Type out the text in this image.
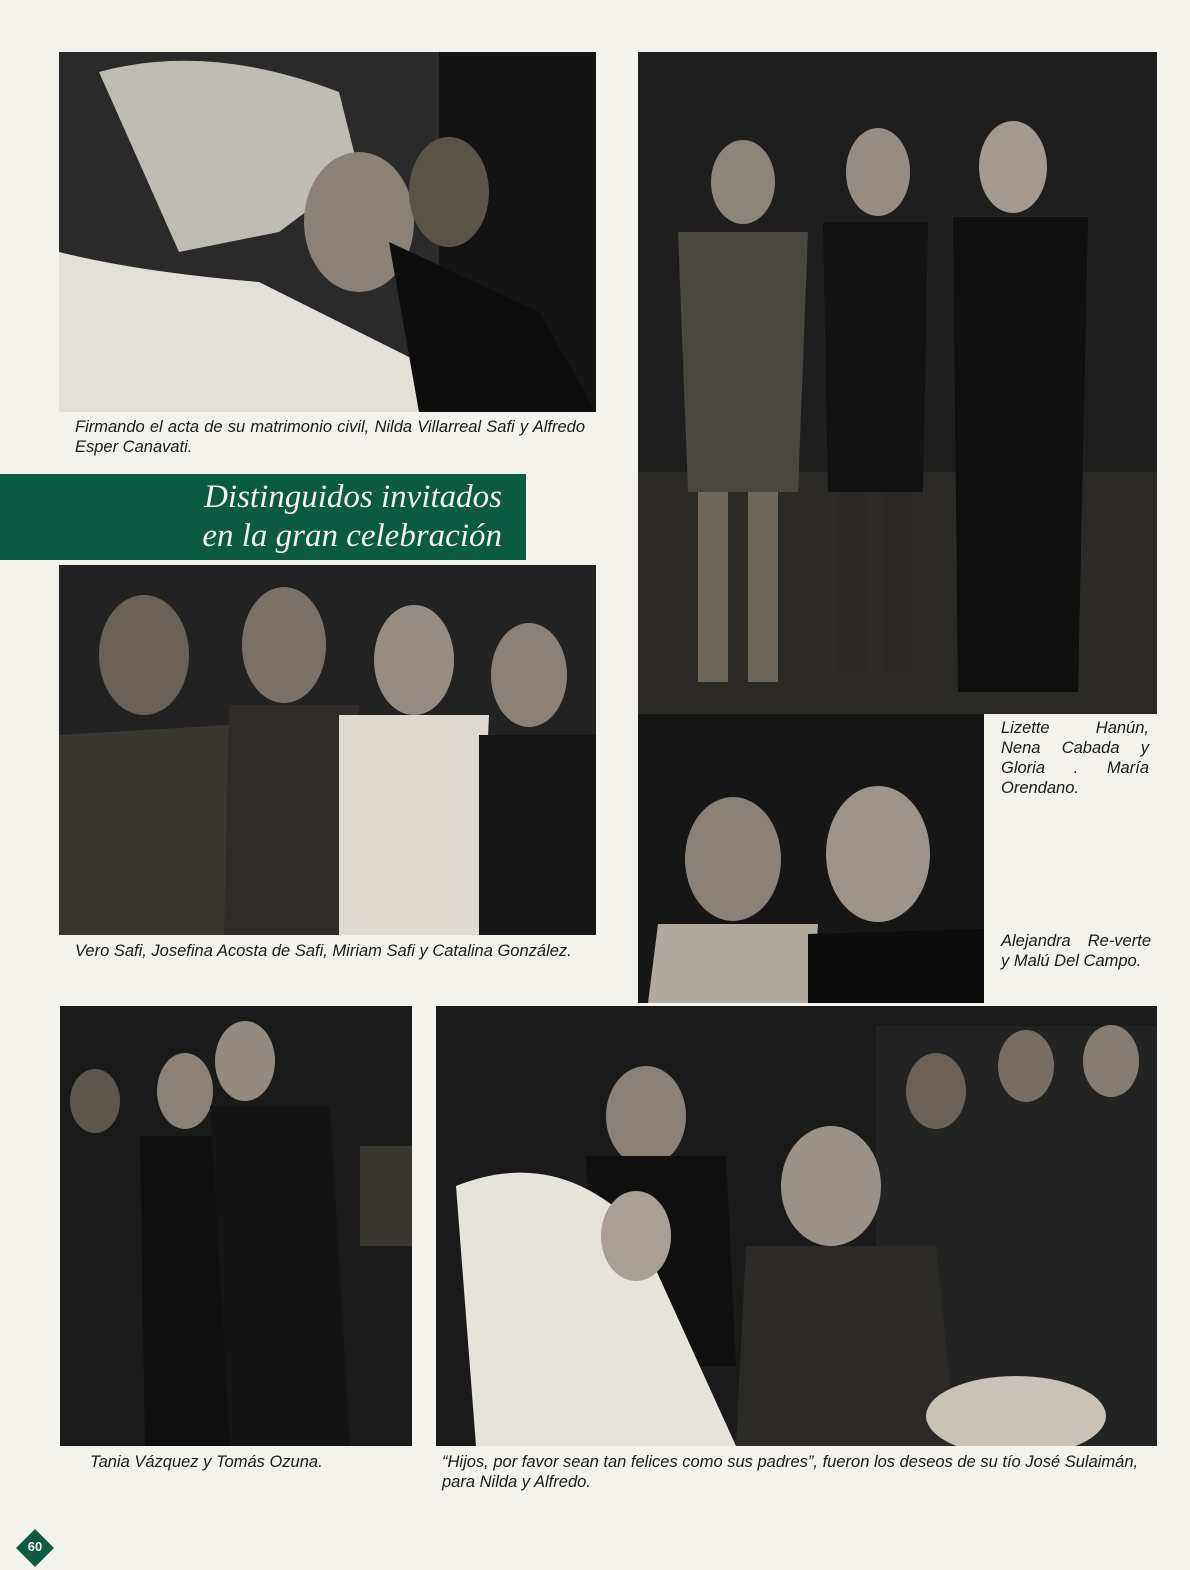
Firmando el acta de su matrimonio civil, Nilda Villarreal Safi y Alfredo Esper Canavati.
Distinguidos invitados
en la gran celebración
Vero Safi, Josefina Acosta de Safi, Miriam Safi y Catalina González.
Lizette Hanún, Nena Cabada y Gloria . María Orendano.
Alejandra Re-verte y Malú Del Campo.
Tania Vázquez y Tomás Ozuna.	“Hijos, por favor sean tan felices como sus padres”, fueron los deseos de su tío José Sulaimán, para Nilda y Alfredo.
60
